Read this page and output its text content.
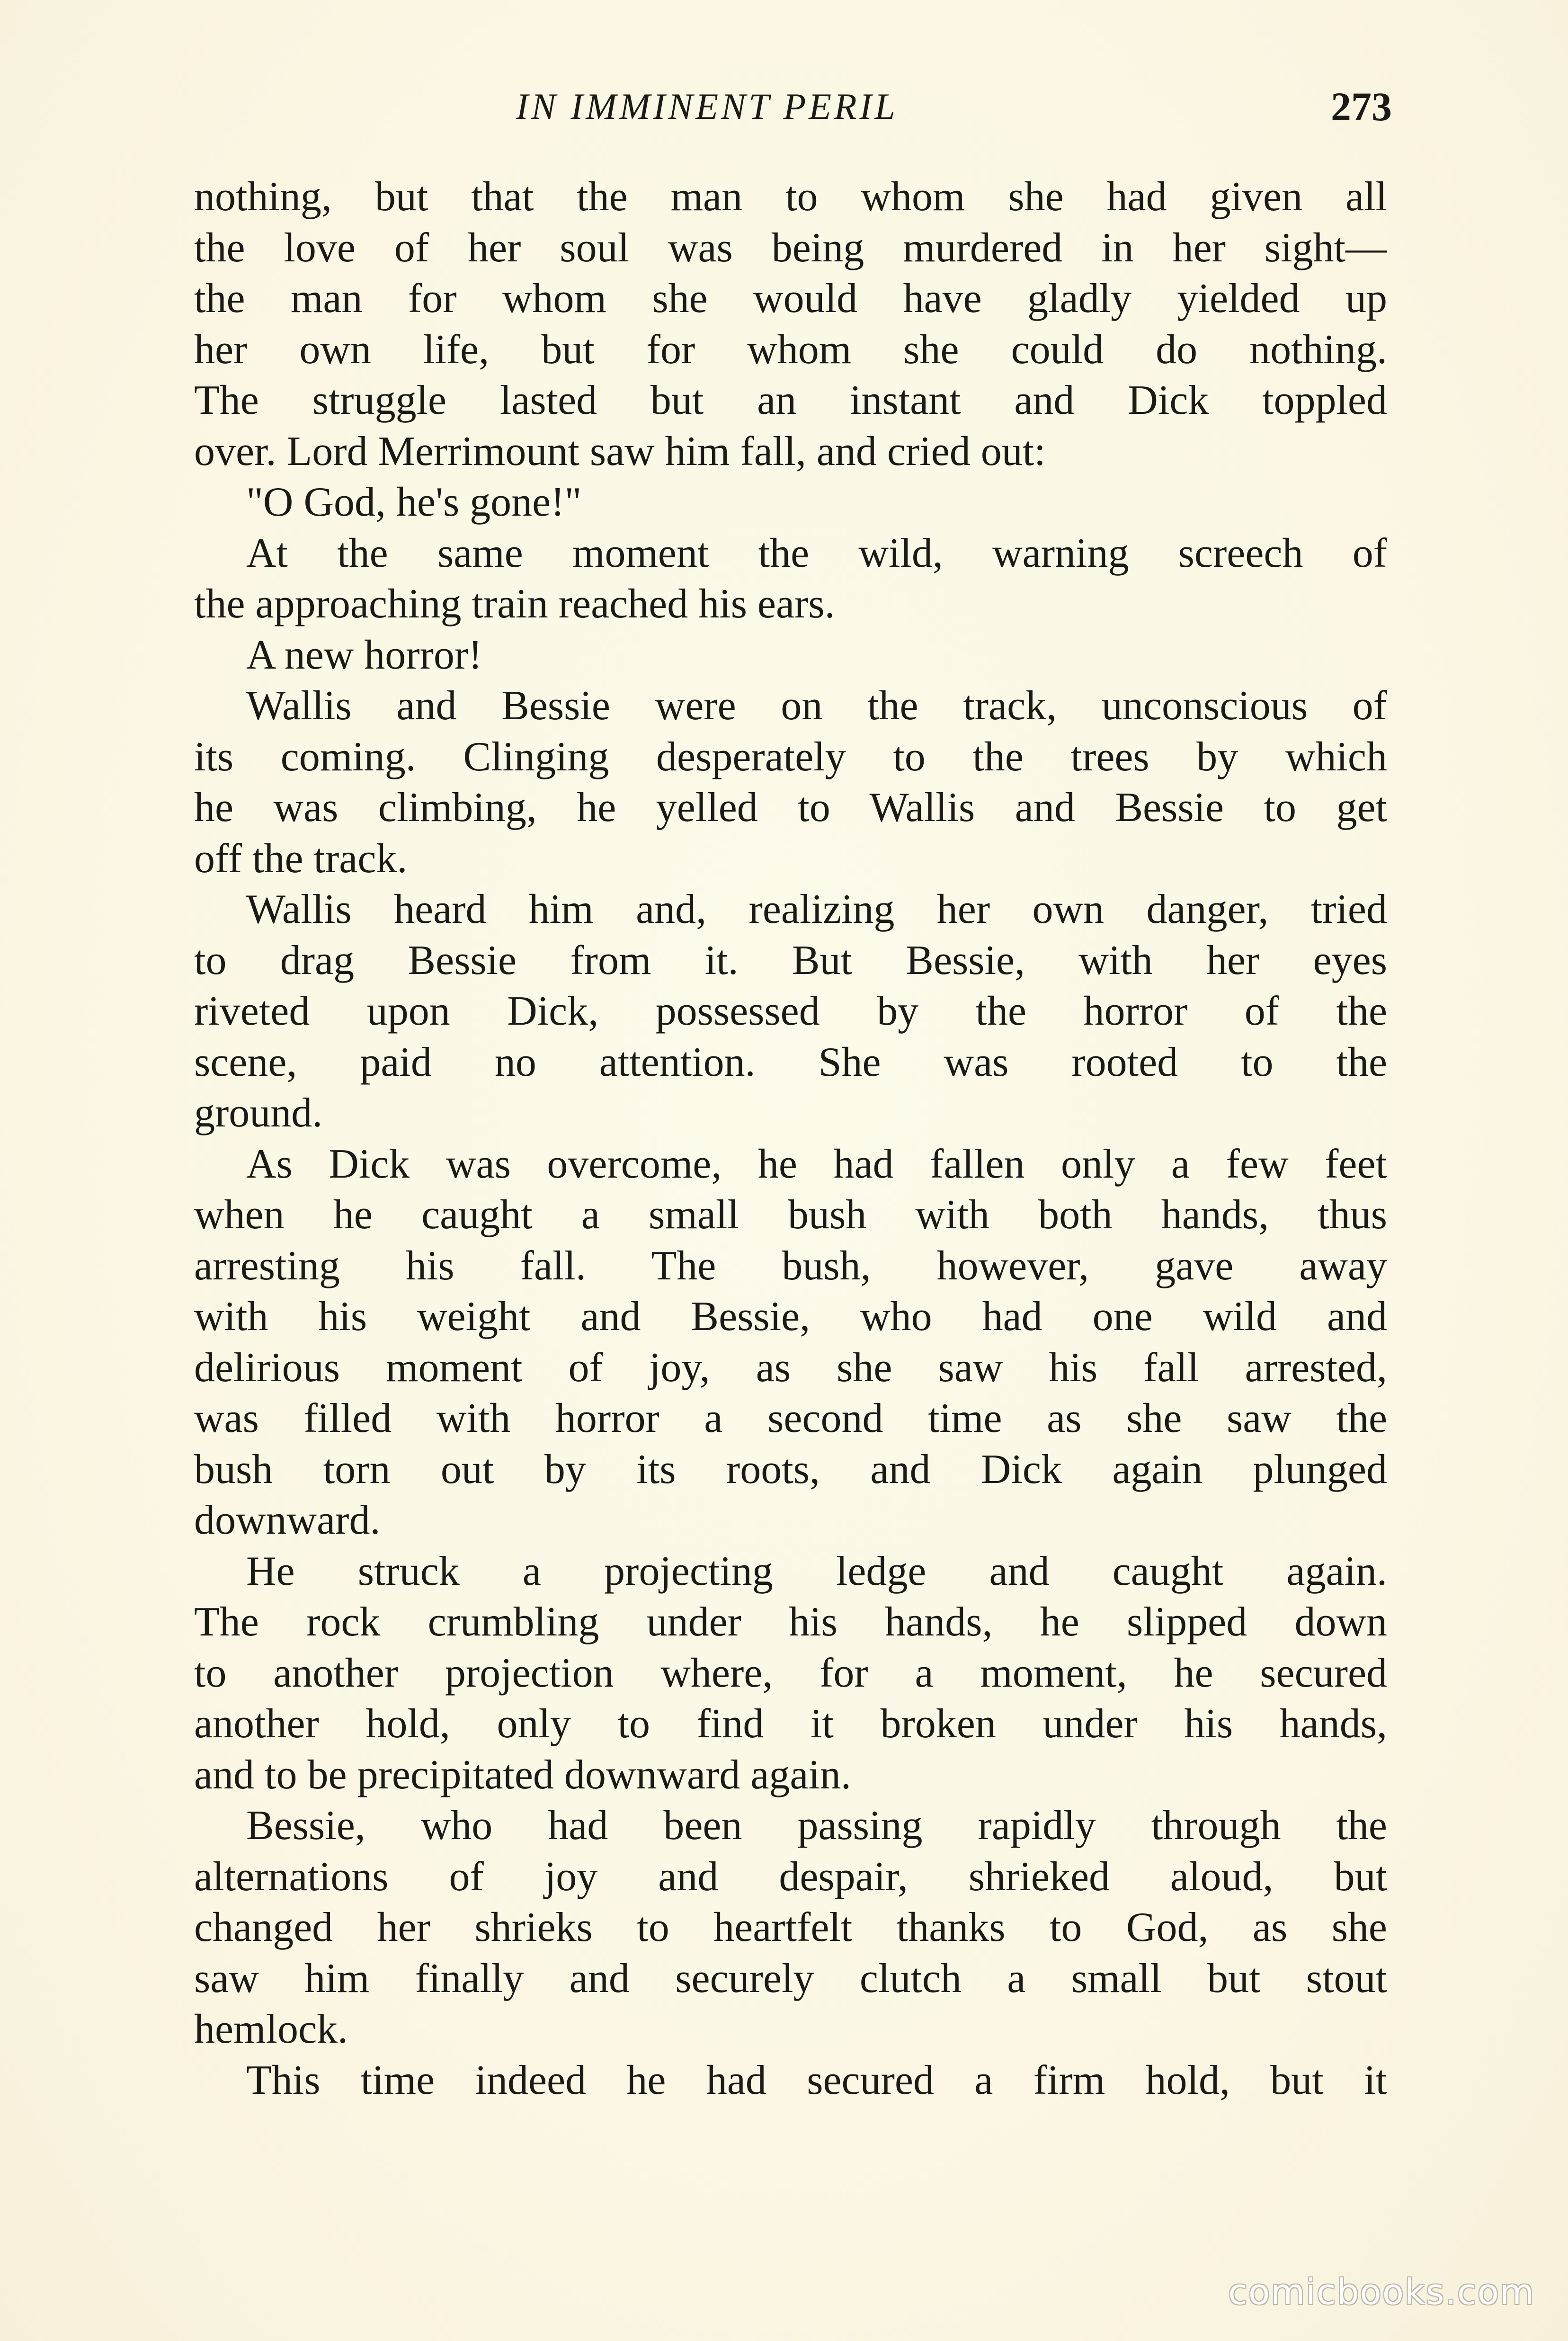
IN IMMINENT PERIL	273
nothing, but that the man to whom she had given all
the love of her soul was being murdered in her sight—
the man for whom she would have gladly yielded up
her own life, but for whom she could do nothing.
The struggle lasted but an instant and Dick toppled
over. Lord Merrimount saw him fall, and cried out:
"O God, he's gone!"
At the same moment the wild, warning screech of
the approaching train reached his ears.
A new horror!
Wallis and Bessie were on the track, unconscious of
its coming. Clinging desperately to the trees by which
he was climbing, he yelled to Wallis and Bessie to get
off the track.
Wallis heard him and, realizing her own danger, tried
to drag Bessie from it. But Bessie, with her eyes
riveted upon Dick, possessed by the horror of the
scene, paid no attention. She was rooted to the
ground.
As Dick was overcome, he had fallen only a few feet
when he caught a small bush with both hands, thus
arresting his fall. The bush, however, gave away
with his weight and Bessie, who had one wild and
delirious moment of joy, as she saw his fall arrested,
was filled with horror a second time as she saw the
bush torn out by its roots, and Dick again plunged
downward.
He struck a projecting ledge and caught again.
The rock crumbling under his hands, he slipped down
to another projection where, for a moment, he secured
another hold, only to find it broken under his hands,
and to be precipitated downward again.
Bessie, who had been passing rapidly through the
alternations of joy and despair, shrieked aloud, but
changed her shrieks to heartfelt thanks to God, as she
saw him finally and securely clutch a small but stout
hemlock.
This time indeed he had secured a firm hold, but it
comicbooks.com
